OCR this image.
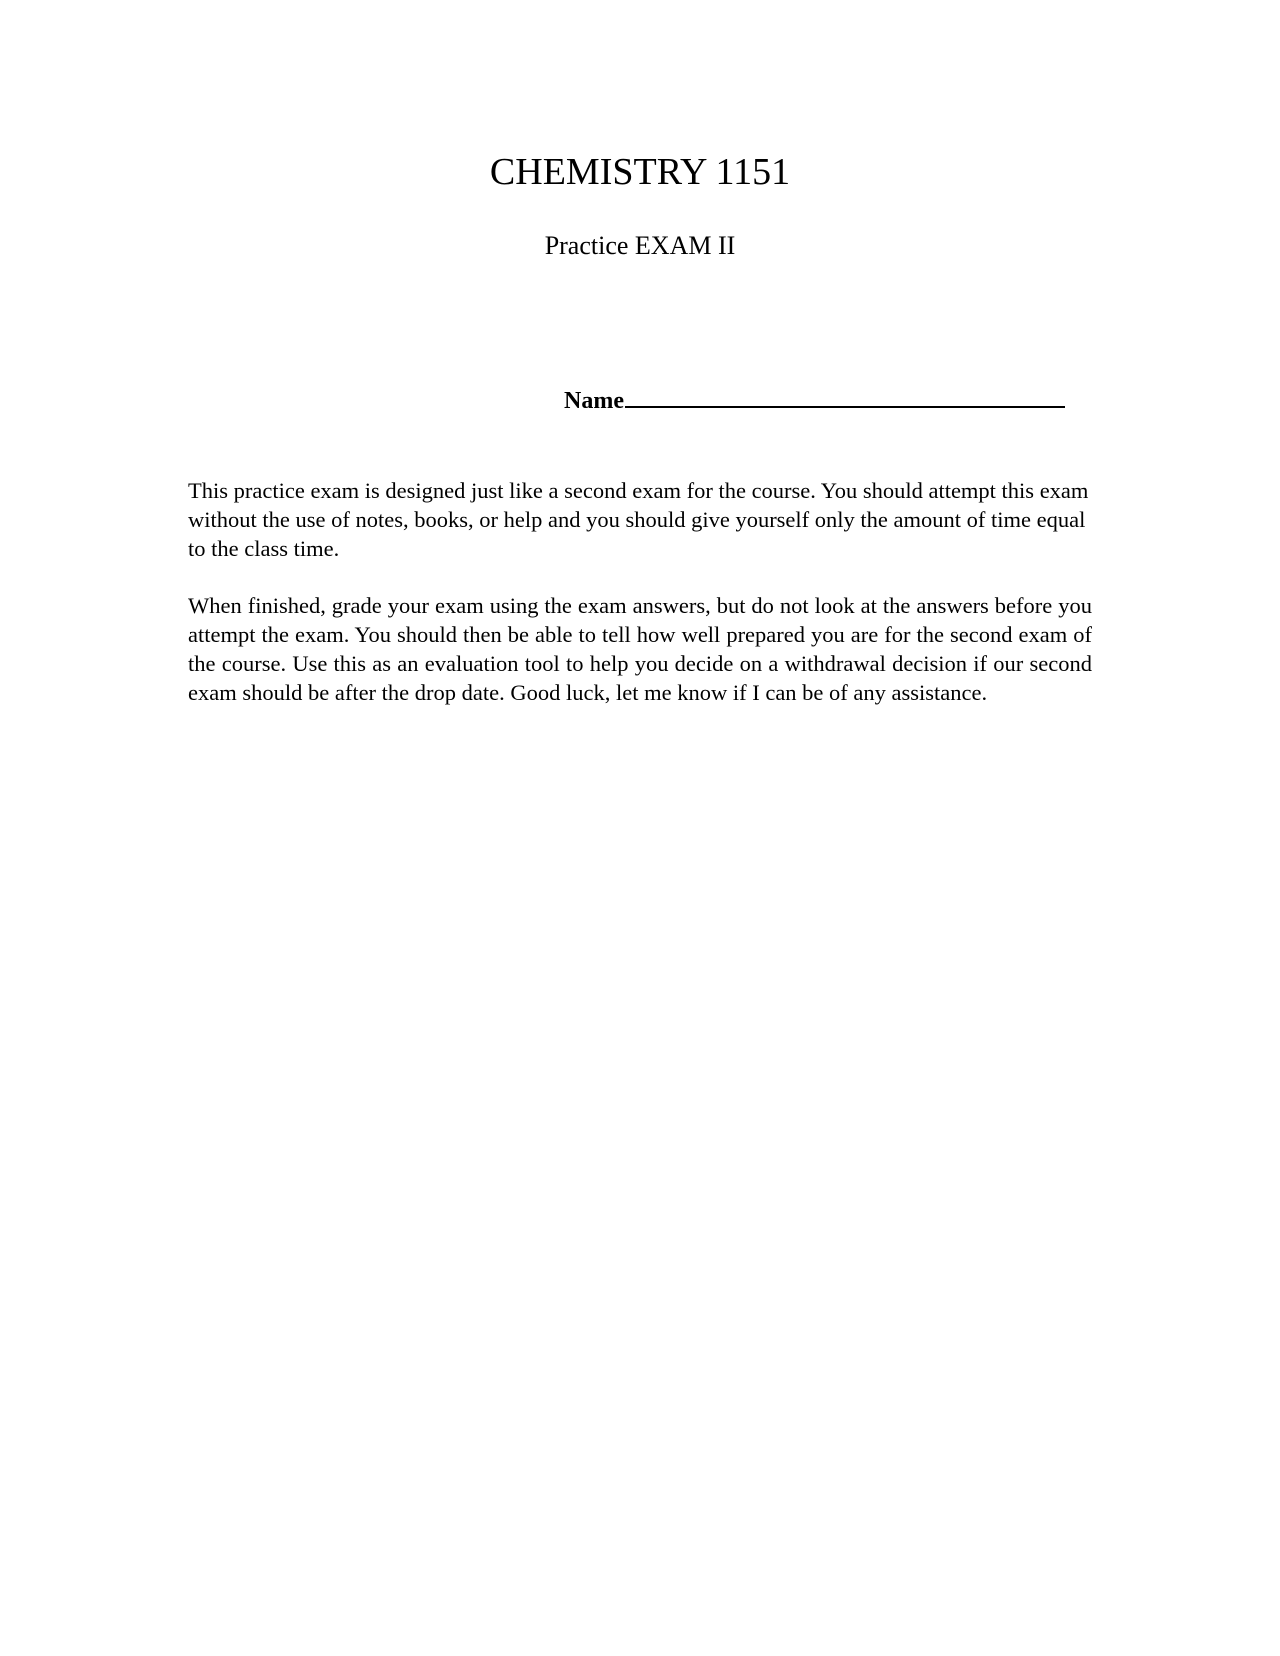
CHEMISTRY 1151
Practice EXAM II
Name

This practice exam is designed just like a second exam for the course. You should attempt this exam without the use of notes, books, or help and you should give yourself only the amount of time equal to the class time.

When finished, grade your exam using the exam answers, but do not look at the answers before you attempt the exam. You should then be able to tell how well prepared you are for the second exam of the course. Use this as an evaluation tool to help you decide on a withdrawal decision if our second exam should be after the drop date. Good luck, let me know if I can be of any assistance.
